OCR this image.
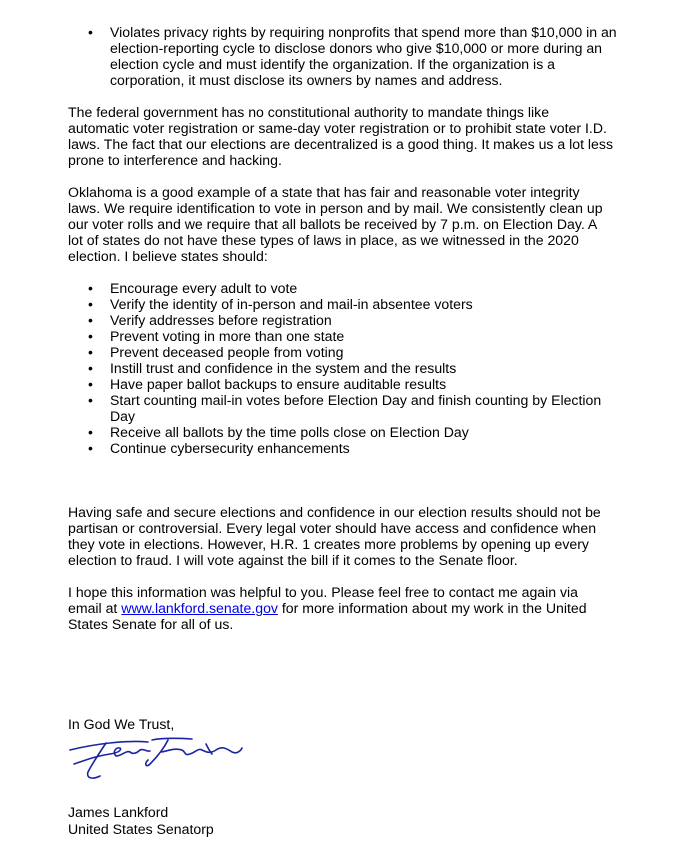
• Violates privacy rights by requiring nonprofits that spend more than $10,000 in an election-reporting cycle to disclose donors who give $10,000 or more during an election cycle and must identify the organization. If the organization is a corporation, it must disclose its owners by names and address.

The federal government has no constitutional authority to mandate things like automatic voter registration or same-day voter registration or to prohibit state voter I.D. laws. The fact that our elections are decentralized is a good thing. It makes us a lot less prone to interference and hacking.

Oklahoma is a good example of a state that has fair and reasonable voter integrity laws. We require identification to vote in person and by mail. We consistently clean up our voter rolls and we require that all ballots be received by 7 p.m. on Election Day. A lot of states do not have these types of laws in place, as we witnessed in the 2020 election. I believe states should:

• Encourage every adult to vote
• Verify the identity of in-person and mail-in absentee voters
• Verify addresses before registration
• Prevent voting in more than one state
• Prevent deceased people from voting
• Instill trust and confidence in the system and the results
• Have paper ballot backups to ensure auditable results
• Start counting mail-in votes before Election Day and finish counting by Election Day
• Receive all ballots by the time polls close on Election Day
• Continue cybersecurity enhancements

Having safe and secure elections and confidence in our election results should not be partisan or controversial. Every legal voter should have access and confidence when they vote in elections. However, H.R. 1 creates more problems by opening up every election to fraud. I will vote against the bill if it comes to the Senate floor.

I hope this information was helpful to you. Please feel free to contact me again via email at www.lankford.senate.gov for more information about my work in the United States Senate for all of us.

In God We Trust,

James Lankford

United States Senatorp
